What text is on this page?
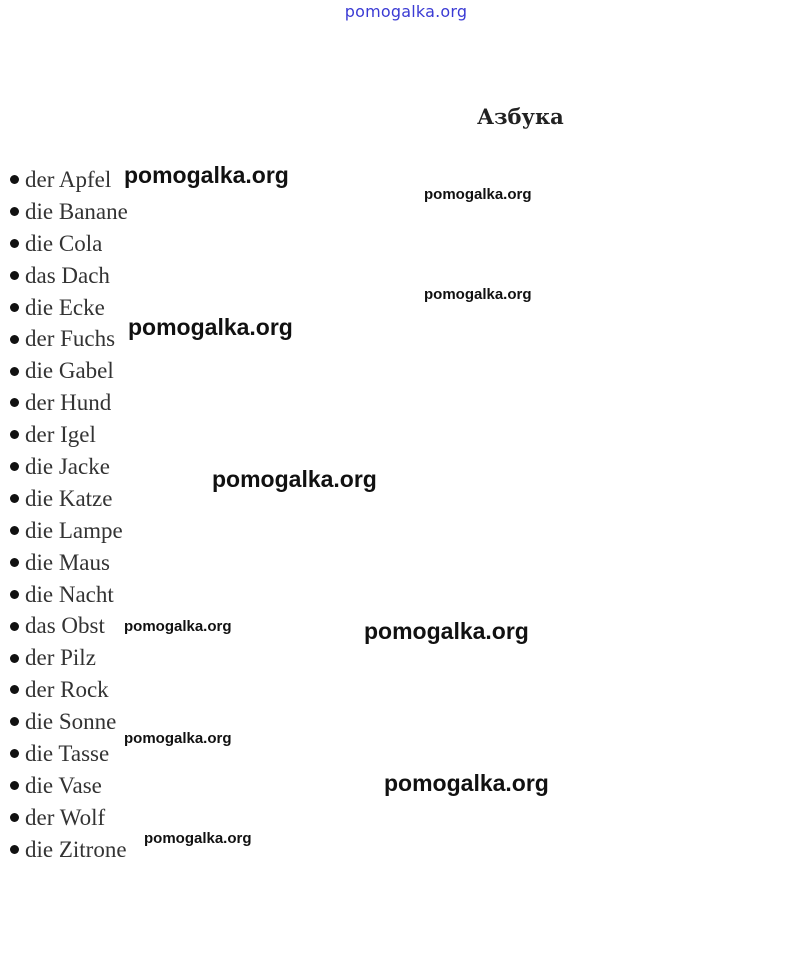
pomogalka.org
Азбука
der Apfel
die Banane
die Cola
das Dach
die Ecke
der Fuchs
die Gabel
der Hund
der Igel
die Jacke
die Katze
die Lampe
die Maus
die Nacht
das Obst
der Pilz
der Rock
die Sonne
die Tasse
die Vase
der Wolf
die Zitrone
pomogalka.org
pomogalka.org
pomogalka.org
pomogalka.org
pomogalka.org
pomogalka.org	pomogalka.org
pomogalka.org
pomogalka.org
pomogalka.org
